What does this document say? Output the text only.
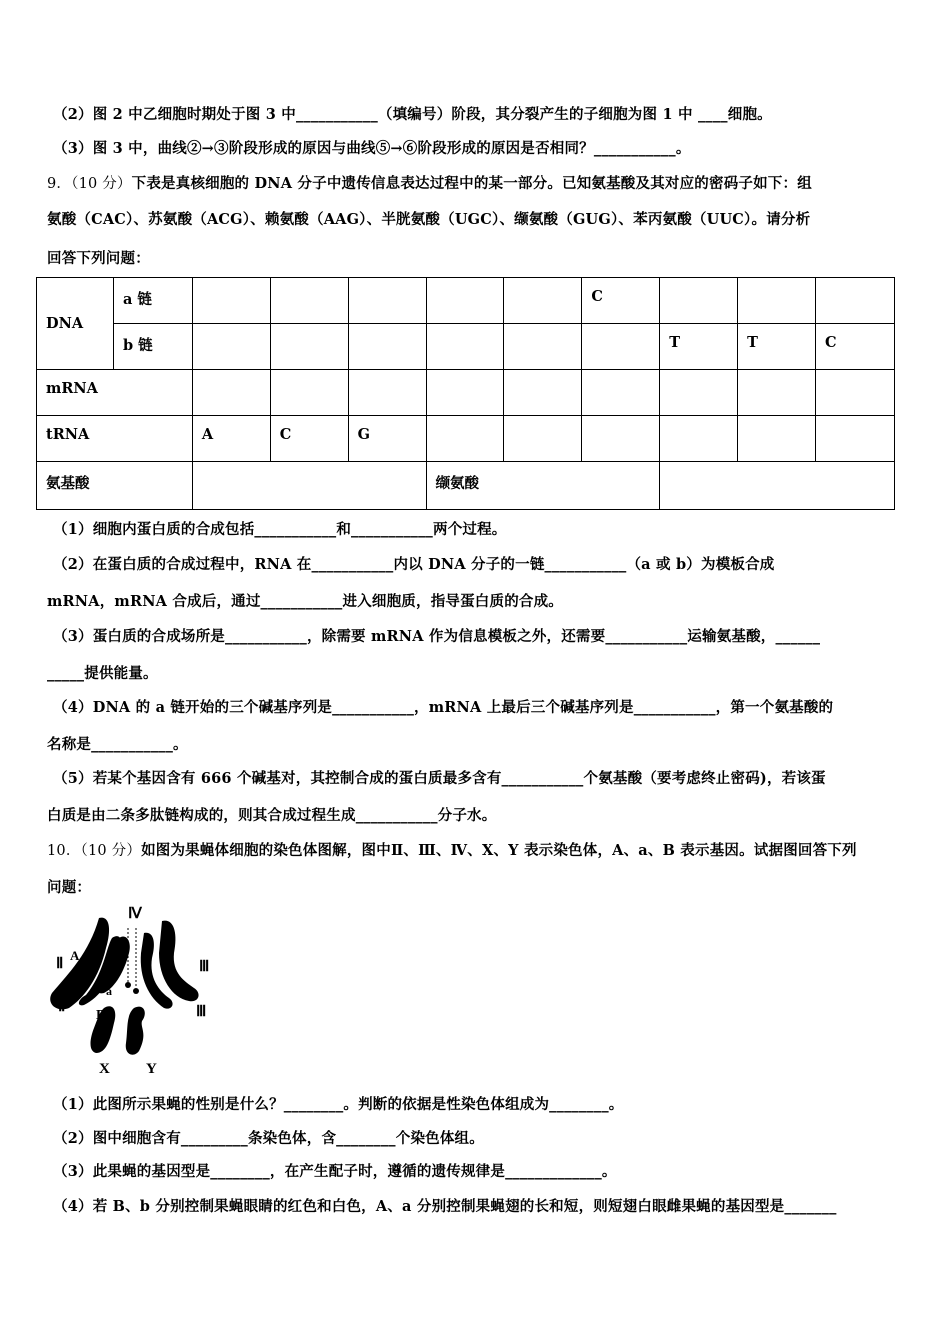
（2）图 2 中乙细胞时期处于图 3 中___________（填编号）阶段，其分裂产生的子细胞为图 1 中 ____细胞。
（3）图 3 中，曲线②→③阶段形成的原因与曲线⑤→⑥阶段形成的原因是否相同？___________。
9．（10 分）下表是真核细胞的 DNA 分子中遗传信息表达过程中的某一部分。已知氨基酸及其对应的密码子如下：组
氨酸（CAC）、苏氨酸（ACG）、赖氨酸（AAG）、半胱氨酸（UGC）、缬氨酸（GUG）、苯丙氨酸（UUC）。请分析
回答下列问题：
DNA	a 链						C			
	b 链							T	T	C
mRNA										
tRNA		A	C	G						
氨基酸					缬氨酸					
（1）细胞内蛋白质的合成包括___________和___________两个过程。
（2）在蛋白质的合成过程中，RNA 在___________内以 DNA 分子的一链___________（a 或 b）为模板合成
mRNA，mRNA 合成后，通过___________进入细胞质，指导蛋白质的合成。
（3）蛋白质的合成场所是___________，除需要 mRNA 作为信息模板之外，还需要___________运输氨基酸，______
_____提供能量。
（4）DNA 的 a 链开始的三个碱基序列是___________，mRNA 上最后三个碱基序列是___________，第一个氨基酸的
名称是___________。
（5）若某个基因含有 666 个碱基对，其控制合成的蛋白质最多含有___________个氨基酸（要考虑终止密码)，若该蛋
白质是由二条多肽链构成的，则其合成过程生成___________分子水。
10．（10 分）如图为果蝇体细胞的染色体图解，图中Ⅱ、Ⅲ、Ⅳ、X、Y 表示染色体，A、a、B 表示基因。试据图回答下列
问题：
Ⅳ
Ⅱ
A
a
Ⅱ
B
Ⅲ
Ⅲ
X Y
（1）此图所示果蝇的性别是什么？________。判断的依据是性染色体组成为________。
（2）图中细胞含有_________条染色体，含________个染色体组。
（3）此果蝇的基因型是________，在产生配子时，遵循的遗传规律是_____________。
（4）若 B、b 分别控制果蝇眼睛的红色和白色，A、a 分别控制果蝇翅的长和短，则短翅白眼雌果蝇的基因型是_______
